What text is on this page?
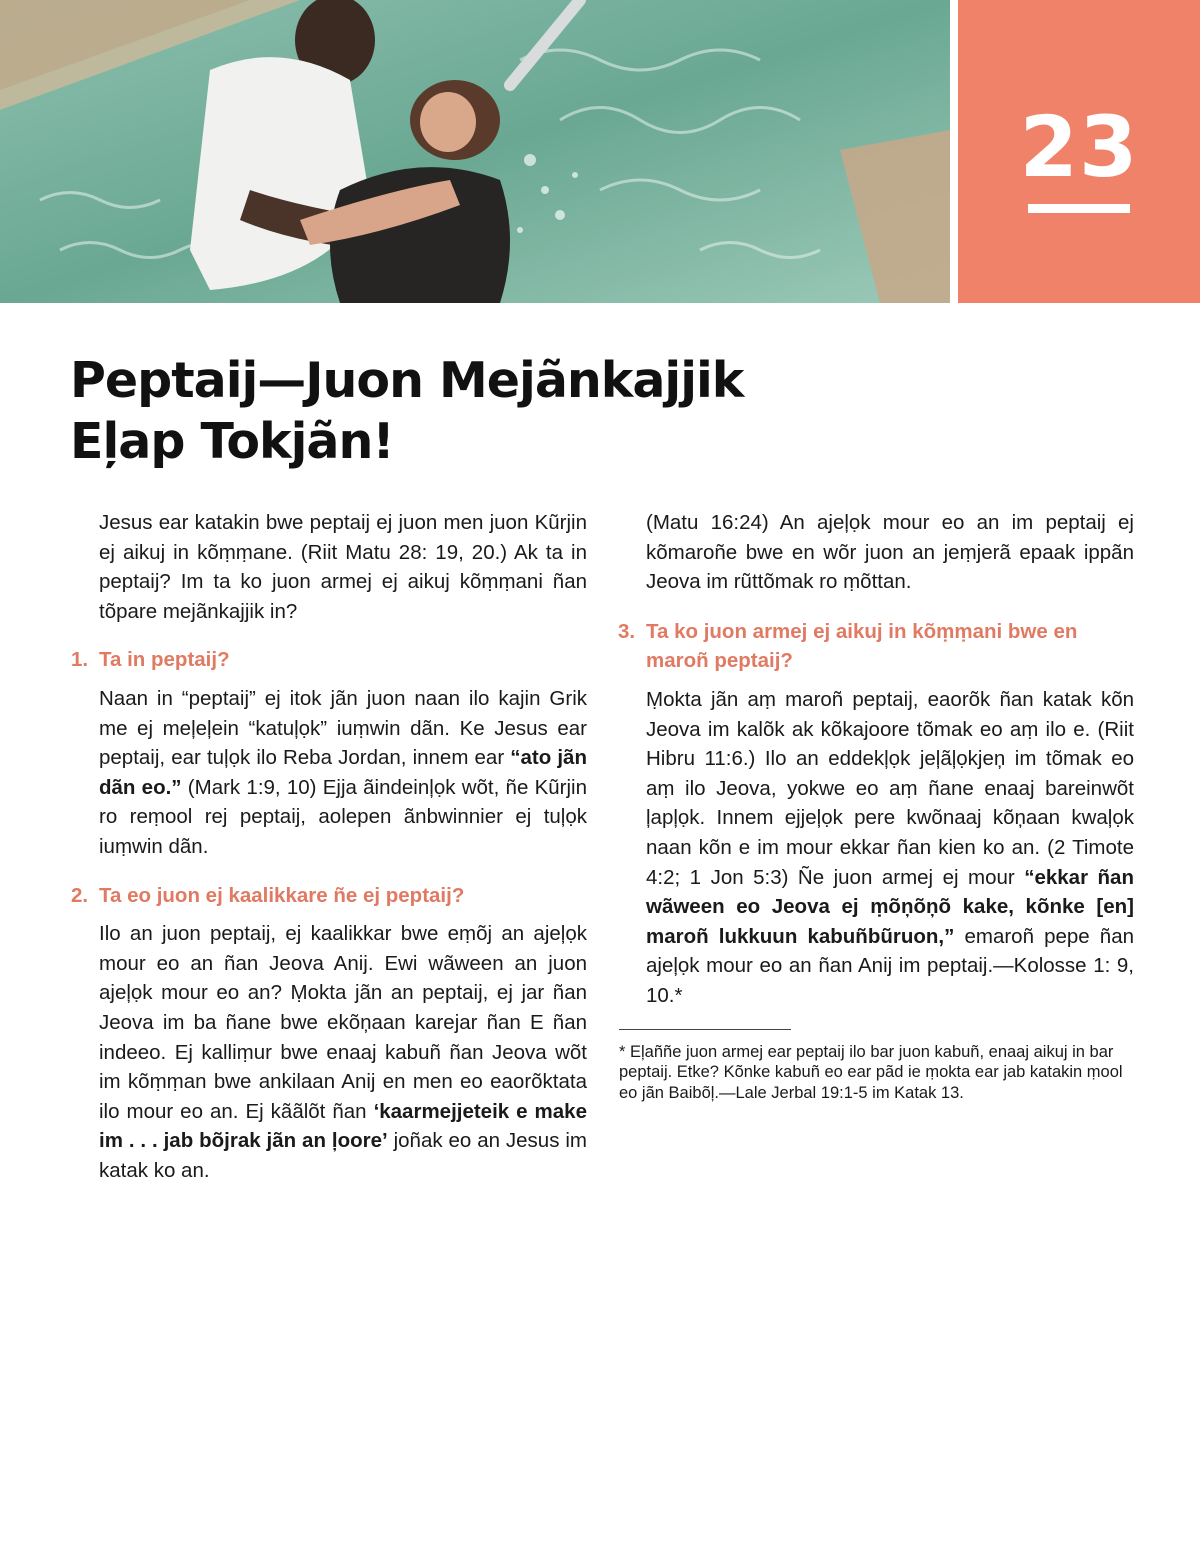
23
Peptaij—Juon Mejãnkajjik
Eļap Tokjãn!

Jesus ear katakin bwe peptaij ej juon men juon Kũrjin ej aikuj in kõṃṃane. (Riit Matu 28: 19, 20.) Ak ta in peptaij? Im ta ko juon armej ej aikuj kõṃṃani ñan tõpare mejãnkajjik in?

1. Ta in peptaij?

Naan in “peptaij” ej itok jãn juon naan ilo kajin Grik me ej meļeļein “katuļọk” iuṃwin dãn. Ke Jesus ear peptaij, ear tuļọk ilo Reba Jordan, innem ear “ato jãn dãn eo.” (Mark 1:9, 10) Ejja ãindeinļọk wõt, ñe Kũrjin ro reṃool rej peptaij, aolepen ãnbwinnier ej tuļọk iuṃwin dãn.

2. Ta eo juon ej kaalikkare ñe ej peptaij?

Ilo an juon peptaij, ej kaalikkar bwe eṃõj an ajeļọk mour eo an ñan Jeova Anij. Ewi wãween an juon ajeļọk mour eo an? Ṃokta jãn an peptaij, ej jar ñan Jeova im ba ñane bwe ekõņaan karejar ñan E ñan indeeo. Ej kalliṃur bwe enaaj kabuñ ñan Jeova wõt im kõṃṃan bwe ankilaan Anij en men eo eaorõktata ilo mour eo an. Ej kããlõt ñan ‘kaarmejjeteik e make im . . . jab bõjrak jãn an ļoore’ joñak eo an Jesus im katak ko an.

(Matu 16:24) An ajeļọk mour eo an im peptaij ej kõmaroñe bwe en wõr juon an jeṃjerã epaak ippãn Jeova im rũttõmak ro ṃõttan.

3. Ta ko juon armej ej aikuj in kõṃṃani bwe en maroñ peptaij?

Ṃokta jãn aṃ maroñ peptaij, eaorõk ñan katak kõn Jeova im kalõk ak kõkajoore tõmak eo aṃ ilo e. (Riit Hibru 11:6.) Ilo an eddekļọk jeļãļọkjeņ im tõmak eo aṃ ilo Jeova, yokwe eo aṃ ñane enaaj bareinwõt ļapļọk. Innem ejjeļọk pere kwõnaaj kõņaan kwaļọk naan kõn e im mour ekkar ñan kien ko an. (2 Timote 4:2; 1 Jon 5:3) Ñe juon armej ej mour “ekkar ñan wãween eo Jeova ej ṃõņõņõ kake, kõnke [en] maroñ lukkuun kabuñbũruon,” emaroñ pepe ñan ajeļọk mour eo an ñan Anij im peptaij.—Kolosse 1: 9, 10.*

* Eļaññe juon armej ear peptaij ilo bar juon kabuñ, enaaj aikuj in bar peptaij. Etke? Kõnke kabuñ eo ear pãd ie ṃokta ear jab katakin ṃool eo jãn Baibõļ.—Lale Jerbal 19:1-5 im Katak 13.
